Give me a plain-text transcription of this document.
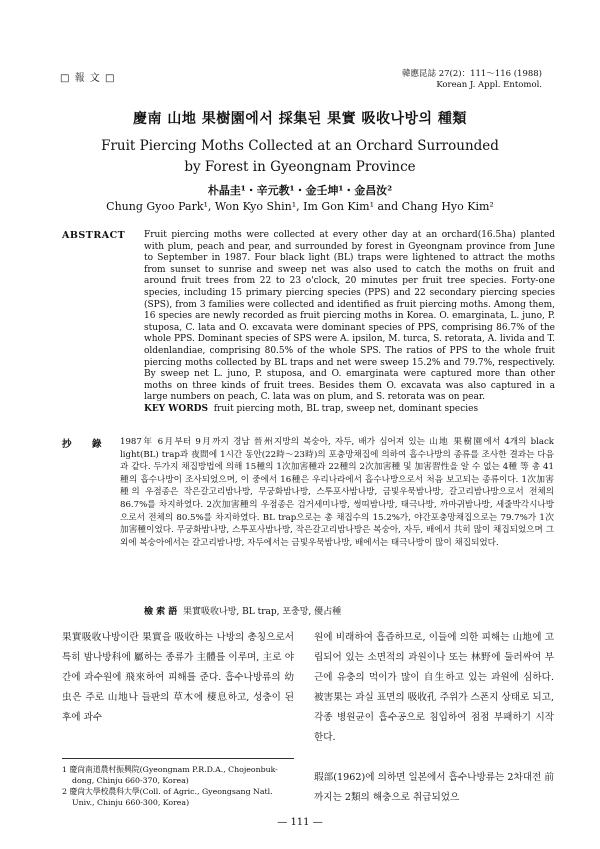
□ 報 文 □	韓應昆誌 27(2)：111～116 (1988)
Korean J. Appl. Entomol.
慶南 山地 果樹園에서 採集된 果實 吸收나방의 種類
Fruit Piercing Moths Collected at an Orchard Surrounded
by Forest in Gyeongnam Province
朴晶圭¹・辛元教¹・金壬坤¹・金昌汝²
Chung Gyoo Park¹, Won Kyo Shin¹, Im Gon Kim¹ and Chang Hyo Kim²
ABSTRACT Fruit piercing moths were collected at every other day at an orchard(16.5ha) planted with plum, peach and pear, and surrounded by forest in Gyeongnam province from June to September in 1987. Four black light (BL) traps were lightened to attract the moths from sunset to sunrise and sweep net was also used to catch the moths on fruit and around fruit trees from 22 to 23 o'clock, 20 minutes per fruit tree species. Forty-one species, including 15 primary piercing species (PPS) and 22 secondary piercing species (SPS), from 3 families were collected and identified as fruit piercing moths. Among them, 16 species are newly recorded as fruit piercing moths in Korea. O. emarginata, L. juno, P. stuposa, C. lata and O. excavata were dominant species of PPS, comprising 86.7% of the whole PPS. Dominant species of SPS were A. ipsilon, M. turca, S. retorata, A. livida and T. oldenlandiae, comprising 80.5% of the whole SPS. The ratios of PPS to the whole fruit piercing moths collected by BL traps and net were sweep 15.2% and 79.7%, respectively. By sweep net L. juno, P. stuposa, and O. emarginata were captured more than other moths on three kinds of fruit trees. Besides them O. excavata was also captured in a large numbers on peach, C. lata was on plum, and S. retorata was on pear.
KEY WORDS fruit piercing moth, BL trap, sweep net, dominant species
抄　　錄 1987年 6月부터 9月까지 경남 晉州지방의 복숭아, 자두, 배가 심어져 있는 山地 果樹園에서 4개의 black light(BL) trap과 夜間에 1시간 동안(22時～23時)의 포충망채집에 의하여 흡수나방의 종류를 조사한 결과는 다음과 같다. 두가지 채집방법에 의해 15種의 1次加害種과 22種의 2次加害種 및 加害習性을 알 수 없는 4種 等 총 41種의 흡수나방이 조사되었으며, 이 중에서 16種은 우리나라에서 흡수나방으로서 처음 보고되는 종류이다. 1次加害種의 우점종은 작은갈고리밤나방, 무궁화밤나방, 스투포사밤나방, 금빛우묵밤나방, 갈고리밤나방으로서 전체의 86.7%를 차지하였다. 2次加害種의 우점종은 검거세미나방, 썽띠밤나방, 태극나방, 까마귀밤나방, 세줄박각시나방으로서 전체의 80.5%를 차지하였다. BL trap으로는 총 채집수의 15.2%가, 야간포충망채집으로는 79.7%가 1次加害種이었다. 무궁화밤나방, 스투포사밤나방, 작은갈고리밤나방은 복숭아, 자두, 배에서 共히 많이 채집되었으며 그 외에 복숭아에서는 갈고리밤나방, 자두에서는 금빛우묵밤나방, 배에서는 태극나방이 많이 채집되었다.
檢 索 語 果實吸收나방, BL trap, 포충망, 優占種
果實吸收나방이란 果實을 吸收하는 나방의 총칭으로서 특히 밤나방科에 屬하는 종류가 主體를 이루며, 主로 야간에 과수원에 飛來하여 피해를 준다. 흡수나방류의 幼虫은 주로 山地나 들판의 草木에 棲息하고, 성충이 된 후에 과수
원에 비래하여 흡즙하므로, 이들에 의한 피해는 山地에 고립되어 있는 소면적의 과원이나 또는 林野에 둘러싸여 부근에 유충의 먹이가 많이 自生하고 있는 과원에 심하다. 被害果는 과실 표면의 吸收孔 주위가 스폰지 상태로 되고, 각종 병원균이 흡수공으로 침입하여 점점 부패하기 시작한다.
瑕部(1962)에 의하면 일본에서 흡수나방류는 2차대전 前까지는 2類의 해충으로 취급되었으
1 慶尙南道農村振興院(Gyeongnam P.R.D.A., Chojeonbuk-dong, Chinju 660-370, Korea)
2 慶尙大學校農科大學(Coll. of Agric., Gyeongsang Natl. Univ., Chinju 660-300, Korea)
— 111 —
